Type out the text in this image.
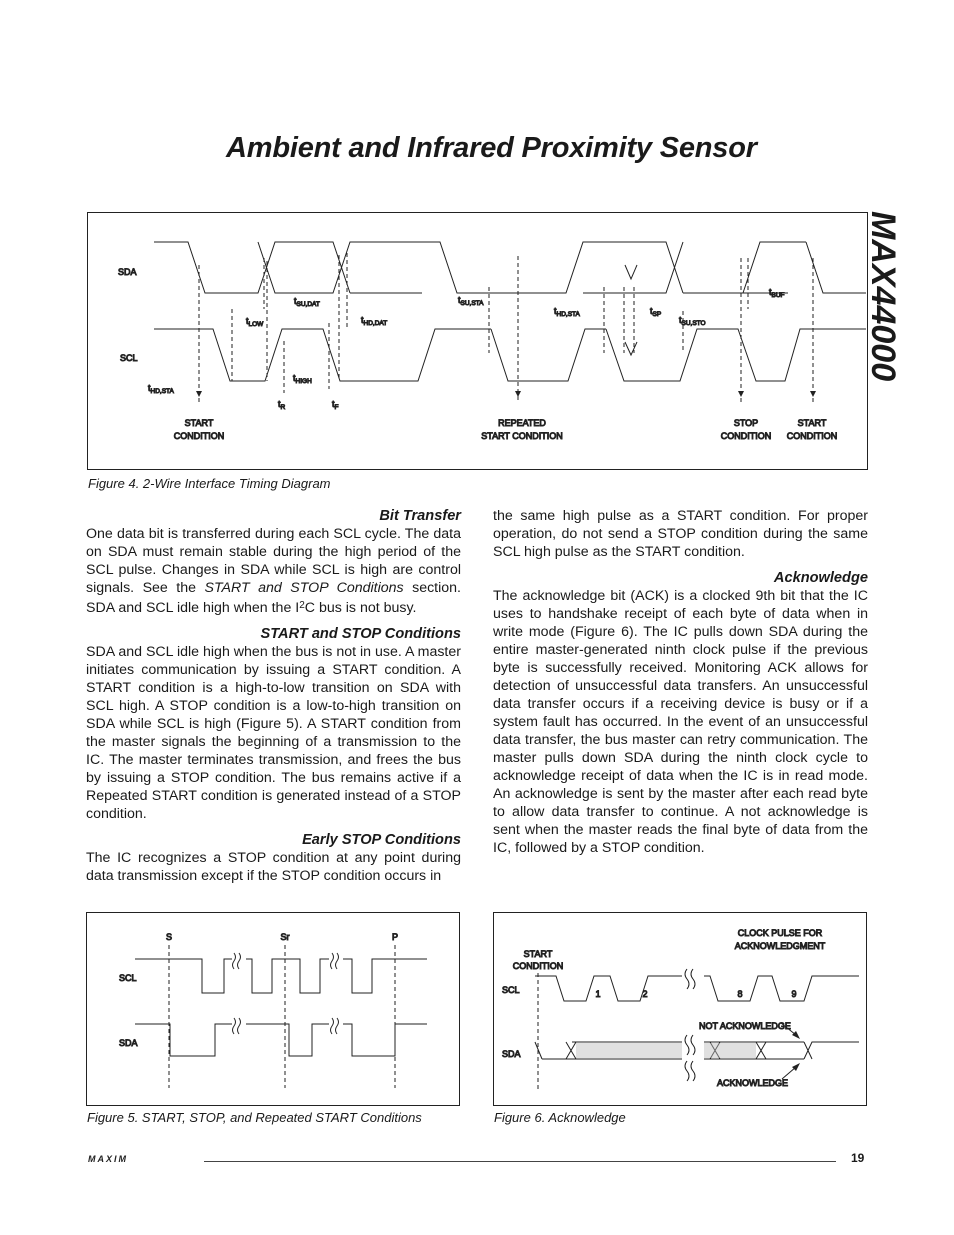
Ambient and Infrared Proximity Sensor
MAX44000
SDA
SCL
$t_{HD,STA}$
$t_{LOW}$
$t_{SU,DAT}$
$t_{HD,DAT}$
$t_{HIGH}$
$t_R$	$t_F$
$t_{SU,STA}$
$t_{HD,STA}$	$t_{SP}$
$t_{SU,STO}$
$t_{BUF}$
START
CONDITION
REPEATED
START CONDITION
STOP
CONDITION
START
CONDITION
Figure 4. 2-Wire Interface Timing Diagram
Bit Transfer

One data bit is transferred during each SCL cycle. The data on SDA must remain stable during the high period of the SCL pulse. Changes in SDA while SCL is high are control signals. See the START and STOP Conditions section. SDA and SCL idle high when the $I^2C$ bus is not busy.

START and STOP Conditions

SDA and SCL idle high when the bus is not in use. A master initiates communication by issuing a START condition. A START condition is a high-to-low transition on SDA with SCL high. A STOP condition is a low-to-high transition on SDA while SCL is high (Figure 5). A START condition from the master signals the beginning of a transmission to the IC. The master terminates transmission, and frees the bus by issuing a STOP condition. The bus remains active if a Repeated START condition is generated instead of a STOP condition.

Early STOP Conditions

The IC recognizes a STOP condition at any point during data transmission except if the STOP condition occurs in

the same high pulse as a START condition. For proper operation, do not send a STOP condition during the same SCL high pulse as the START condition.

Acknowledge

The acknowledge bit (ACK) is a clocked 9th bit that the IC uses to handshake receipt of each byte of data when in write mode (Figure 6). The IC pulls down SDA during the entire master-generated ninth clock pulse if the previous byte is successfully received. Monitoring ACK allows for detection of unsuccessful data transfers. An unsuccessful data transfer occurs if a receiving device is busy or if a system fault has occurred. In the event of an unsuccessful data transfer, the bus master can retry communication. The master pulls down SDA during the ninth clock cycle to acknowledge receipt of data when the IC is in read mode. An acknowledge is sent by the master after each read byte to allow data transfer to continue. A not acknowledge is sent when the master reads the final byte of data from the IC, followed by a STOP condition.

S	Sr	P
SCL
SDA
Figure 5. START, STOP, and Repeated START Conditions
START
CONDITION
CLOCK PULSE FOR
ACKNOWLEDGMENT
SCL
SDA
1	2	8	9
NOT ACKNOWLEDGE
ACKNOWLEDGE
Figure 6. Acknowledge
MAXIM	19
